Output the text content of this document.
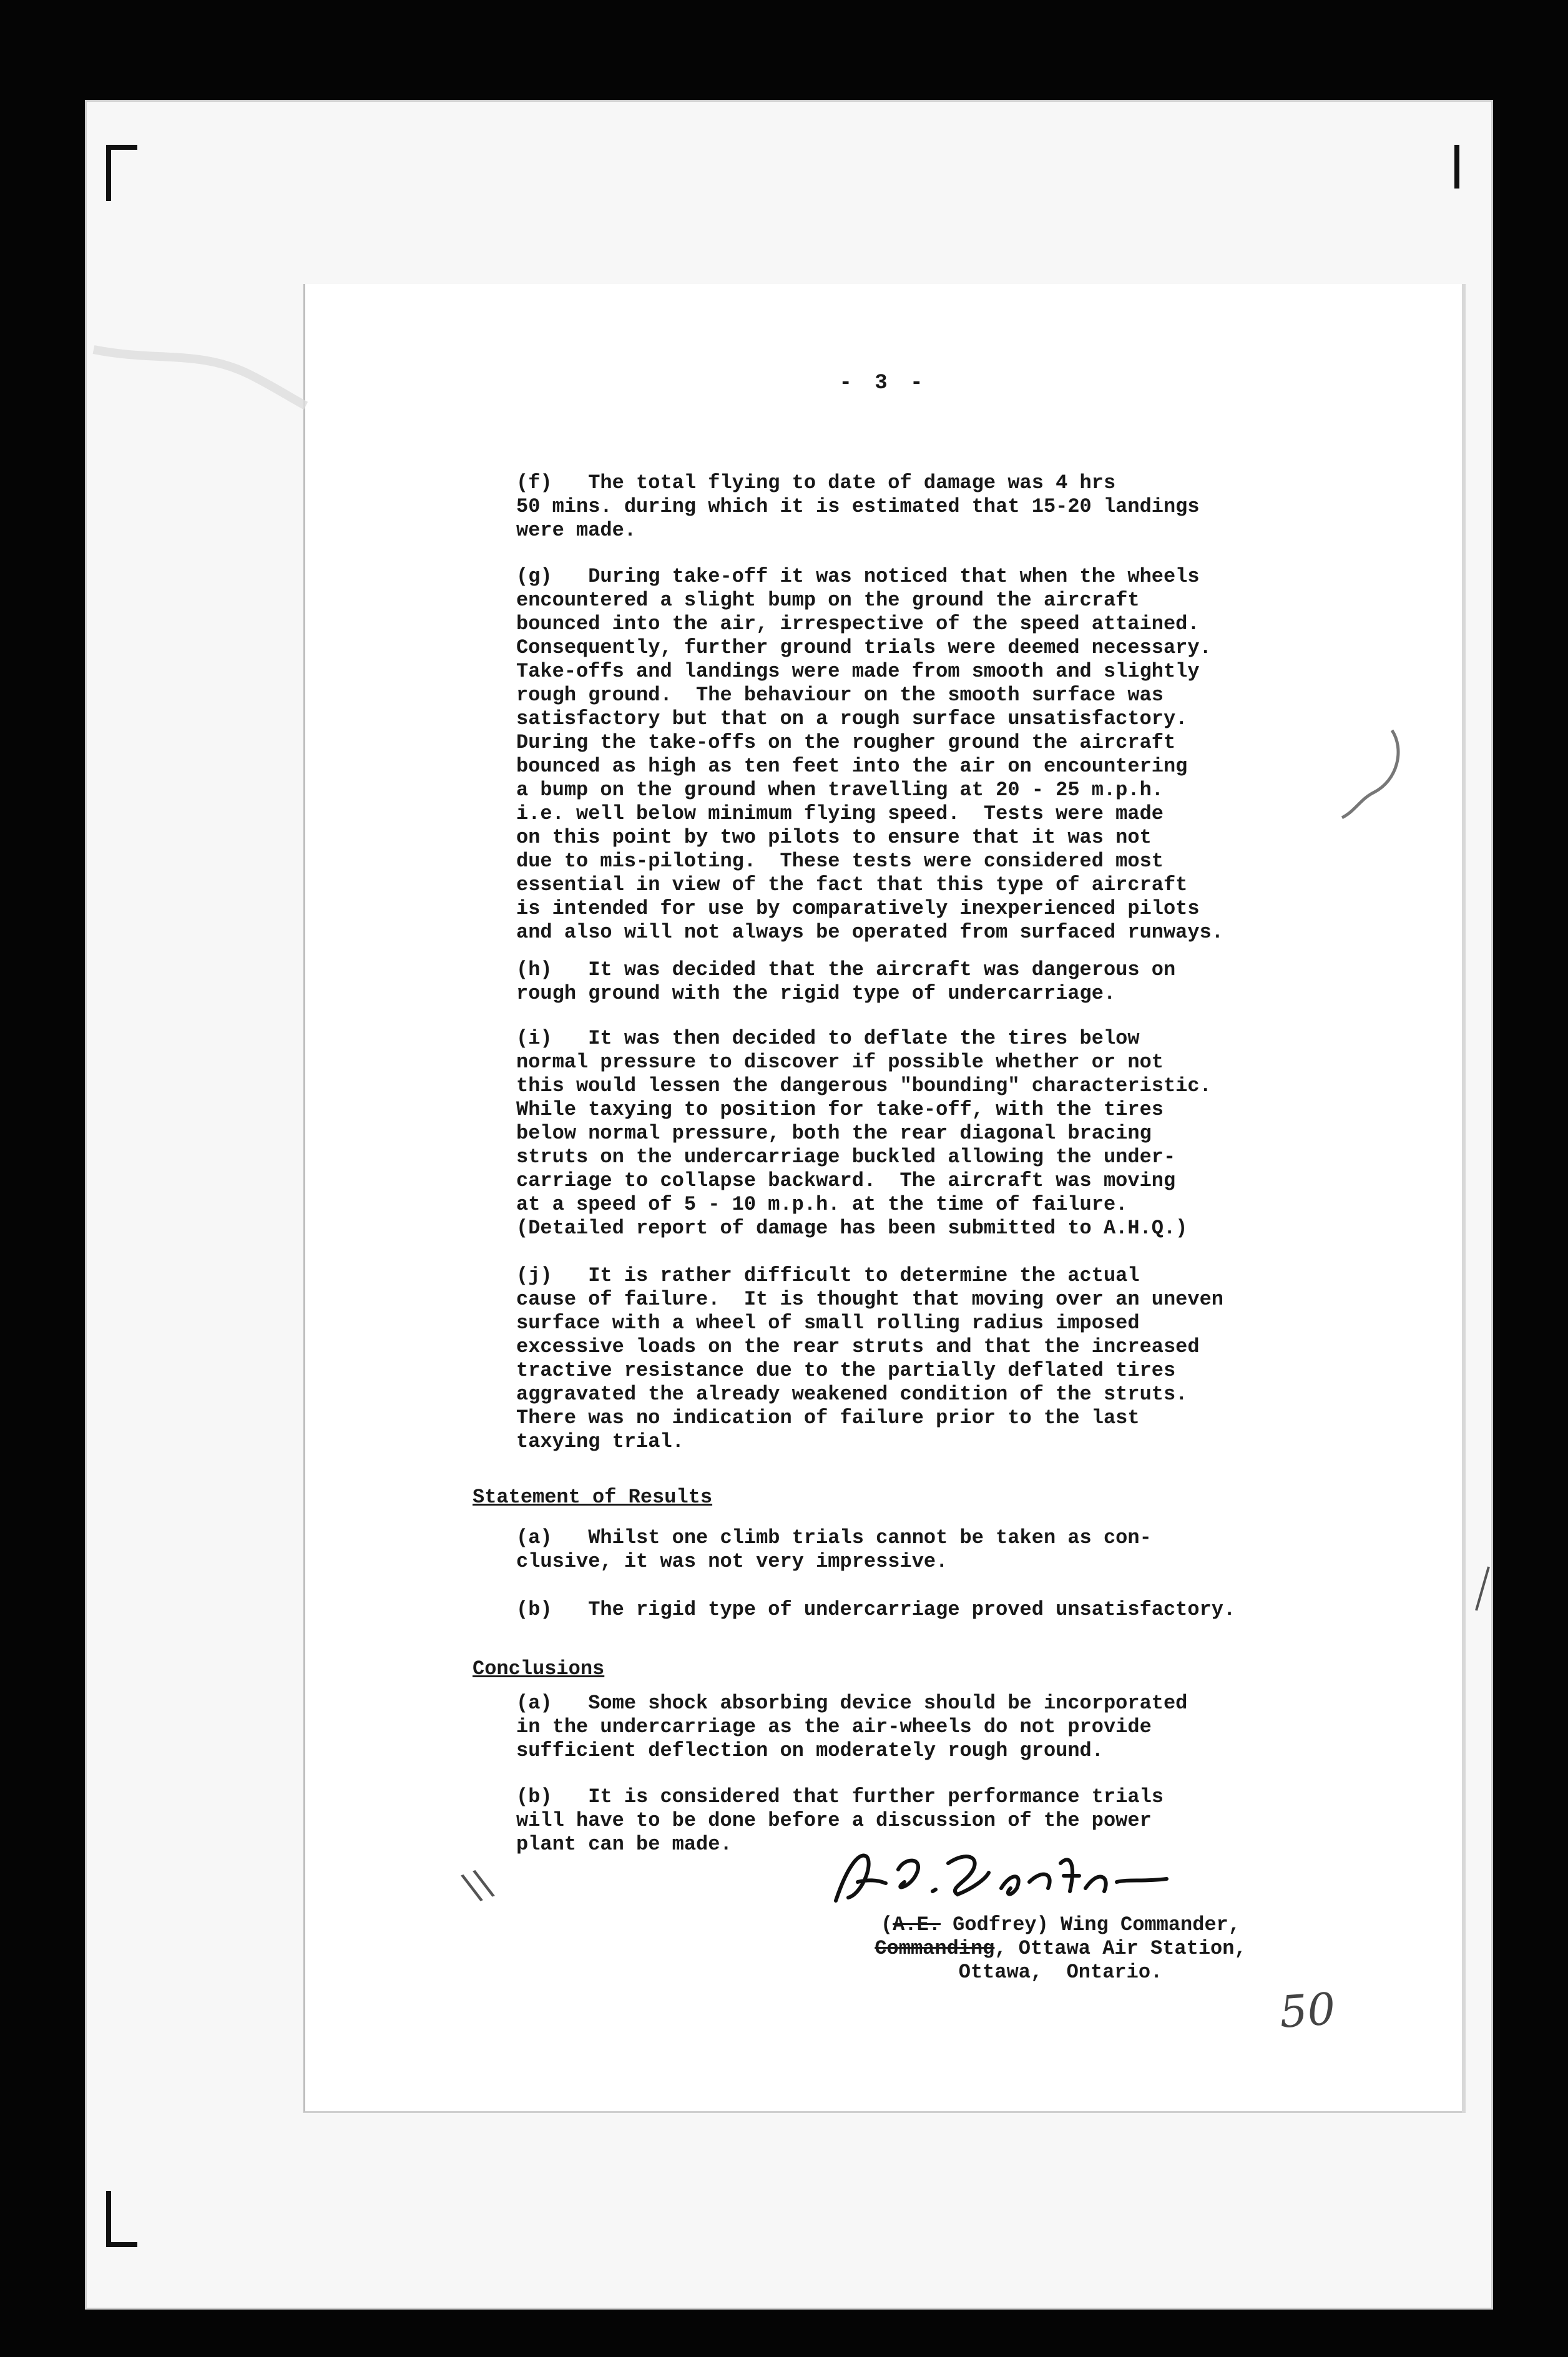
- 3 -
(f)   The total flying to date of damage was 4 hrs
50 mins. during which it is estimated that 15-20 landings
were made.
(g)   During take-off it was noticed that when the wheels
encountered a slight bump on the ground the aircraft
bounced into the air, irrespective of the speed attained.
Consequently, further ground trials were deemed necessary.
Take-offs and landings were made from smooth and slightly
rough ground.  The behaviour on the smooth surface was
satisfactory but that on a rough surface unsatisfactory.
During the take-offs on the rougher ground the aircraft
bounced as high as ten feet into the air on encountering
a bump on the ground when travelling at 20 - 25 m.p.h.
i.e. well below minimum flying speed.  Tests were made
on this point by two pilots to ensure that it was not
due to mis-piloting.  These tests were considered most
essential in view of the fact that this type of aircraft
is intended for use by comparatively inexperienced pilots
and also will not always be operated from surfaced runways.
(h)   It was decided that the aircraft was dangerous on
rough ground with the rigid type of undercarriage.
(i)   It was then decided to deflate the tires below
normal pressure to discover if possible whether or not
this would lessen the dangerous "bounding" characteristic.
While taxying to position for take-off, with the tires
below normal pressure, both the rear diagonal bracing
struts on the undercarriage buckled allowing the under-
carriage to collapse backward.  The aircraft was moving
at a speed of 5 - 10 m.p.h. at the time of failure.
(Detailed report of damage has been submitted to A.H.Q.)
(j)   It is rather difficult to determine the actual
cause of failure.  It is thought that moving over an uneven
surface with a wheel of small rolling radius imposed
excessive loads on the rear struts and that the increased
tractive resistance due to the partially deflated tires
aggravated the already weakened condition of the struts.
There was no indication of failure prior to the last
taxying trial.
Statement of Results
(a)   Whilst one climb trials cannot be taken as con-
clusive, it was not very impressive.
(b)   The rigid type of undercarriage proved unsatisfactory.
Conclusions
(a)   Some shock absorbing device should be incorporated
in the undercarriage as the air-wheels do not provide
sufficient deflection on moderately rough ground.
(b)   It is considered that further performance trials
will have to be done before a discussion of the power
plant can be made.
(A.E. Godfrey) Wing Commander,
Commanding, Ottawa Air Station,
Ottawa,  Ontario.
\\
50
